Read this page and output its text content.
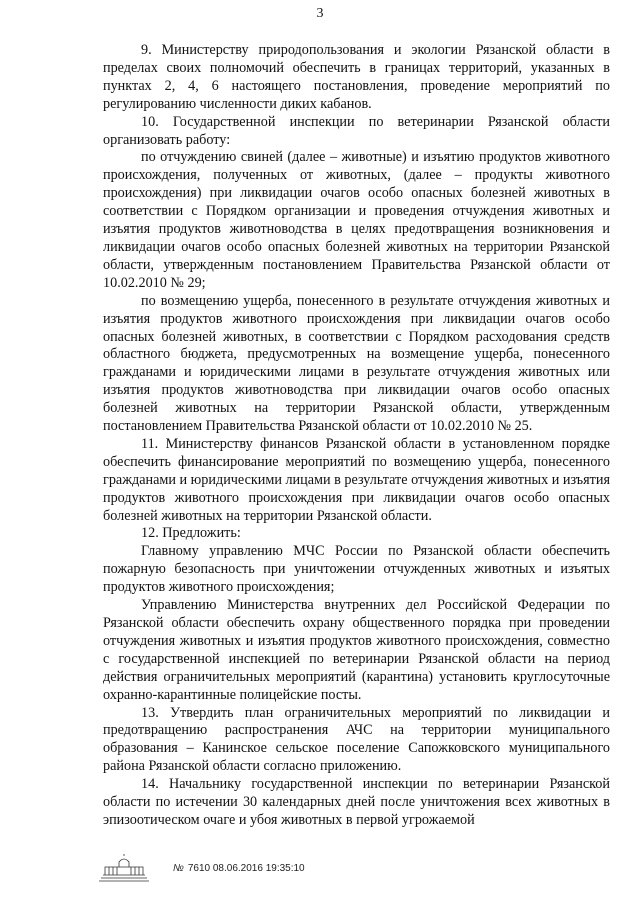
3

9. Министерству природопользования и экологии Рязанской области в пределах своих полномочий обеспечить в границах территорий, указанных в пунктах 2, 4, 6 настоящего постановления, проведение мероприятий по регулированию численности диких кабанов.

10. Государственной инспекции по ветеринарии Рязанской области организовать работу:

по отчуждению свиней (далее – животные) и изъятию продуктов животного происхождения, полученных от животных, (далее – продукты животного происхождения) при ликвидации очагов особо опасных болезней животных в соответствии с Порядком организации и проведения отчуждения животных и изъятия продуктов животноводства в целях предотвращения возникновения и ликвидации очагов особо опасных болезней животных на территории Рязанской области, утвержденным постановлением Правительства Рязанской области от 10.02.2010 № 29;

по возмещению ущерба, понесенного в результате отчуждения животных и изъятия продуктов животного происхождения при ликвидации очагов особо опасных болезней животных, в соответствии с Порядком расходования средств областного бюджета, предусмотренных на возмещение ущерба, понесенного гражданами и юридическими лицами в результате отчуждения животных или изъятия продуктов животноводства при ликвидации очагов особо опасных болезней животных на территории Рязанской области, утвержденным постановлением Правительства Рязанской области от 10.02.2010 № 25.

11. Министерству финансов Рязанской области в установленном порядке обеспечить финансирование мероприятий по возмещению ущерба, понесенного гражданами и юридическими лицами в результате отчуждения животных и изъятия продуктов животного происхождения при ликвидации очагов особо опасных болезней животных на территории Рязанской области.

12. Предложить:

Главному управлению МЧС России по Рязанской области обеспечить пожарную безопасность при уничтожении отчужденных животных и изъятых продуктов животного происхождения;

Управлению Министерства внутренних дел Российской Федерации по Рязанской области обеспечить охрану общественного порядка при проведении отчуждения животных и изъятия продуктов животного происхождения, совместно с государственной инспекцией по ветеринарии Рязанской области на период действия ограничительных мероприятий (карантина) установить круглосуточные охранно-карантинные полицейские посты.

13. Утвердить план ограничительных мероприятий по ликвидации и предотвращению распространения АЧС на территории муниципального образования – Канинское сельское поселение Сапожковского муниципального района Рязанской области согласно приложению.

14. Начальнику государственной инспекции по ветеринарии Рязанской области по истечении 30 календарных дней после уничтожения всех животных в эпизоотическом очаге и убоя животных в первой угрожаемой

№ 7610 08.06.2016 19:35:10
